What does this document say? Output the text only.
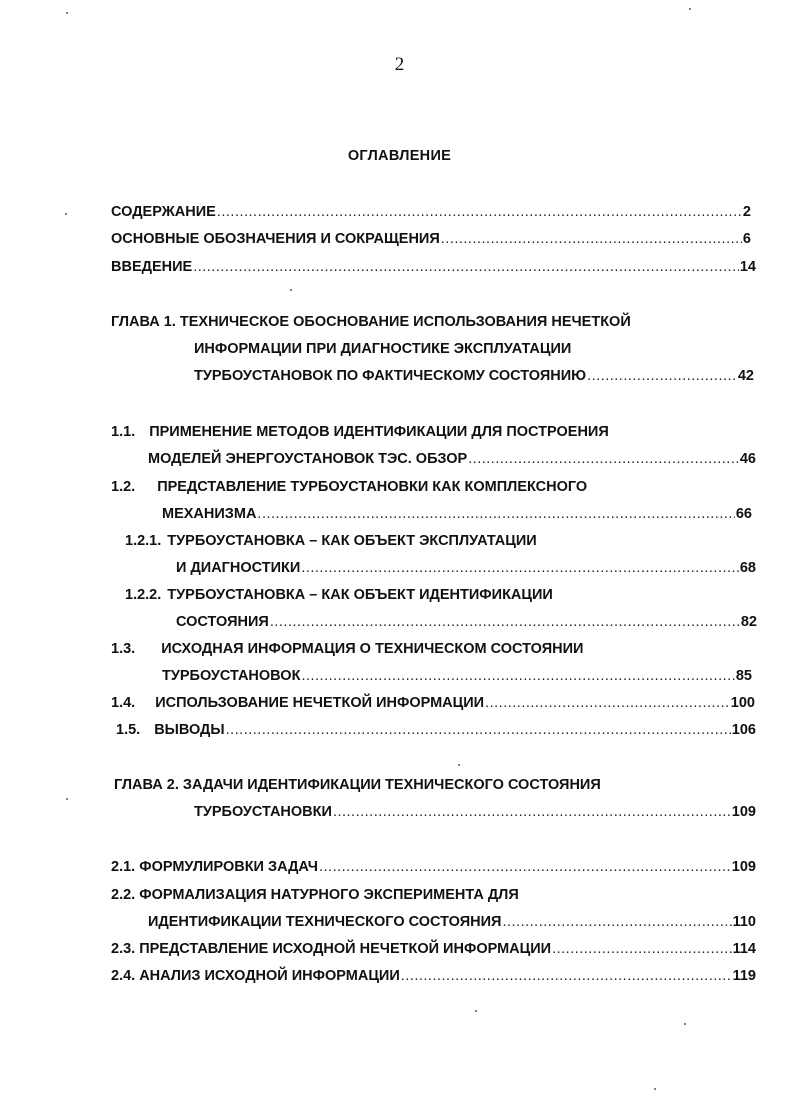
2
ОГЛАВЛЕНИЕ
СОДЕРЖАНИЕ .....	2
ОСНОВНЫЕ ОБОЗНАЧЕНИЯ И СОКРАЩЕНИЯ .....	6
ВВЕДЕНИЕ .....	14
ГЛАВА 1. ТЕХНИЧЕСКОЕ ОБОСНОВАНИЕ ИСПОЛЬЗОВАНИЯ НЕЧЕТКОЙ
ИНФОРМАЦИИ ПРИ ДИАГНОСТИКЕ ЭКСПЛУАТАЦИИ
ТУРБОУСТАНОВОК ПО ФАКТИЧЕСКОМУ СОСТОЯНИЮ .....	42
1.1. ПРИМЕНЕНИЕ МЕТОДОВ ИДЕНТИФИКАЦИИ ДЛЯ ПОСТРОЕНИЯ
МОДЕЛЕЙ ЭНЕРГОУСТАНОВОК ТЭС. ОБЗОР .....	46
1.2. ПРЕДСТАВЛЕНИЕ ТУРБОУСТАНОВКИ КАК КОМПЛЕКСНОГО
МЕХАНИЗМА .....	66
1.2.1. ТУРБОУСТАНОВКА – КАК ОБЪЕКТ ЭКСПЛУАТАЦИИ
И ДИАГНОСТИКИ .....	68
1.2.2. ТУРБОУСТАНОВКА – КАК ОБЪЕКТ ИДЕНТИФИКАЦИИ
СОСТОЯНИЯ .....	82
1.3. ИСХОДНАЯ ИНФОРМАЦИЯ О ТЕХНИЧЕСКОМ СОСТОЯНИИ
ТУРБОУСТАНОВОК .....	85
1.4. ИСПОЛЬЗОВАНИЕ НЕЧЕТКОЙ ИНФОРМАЦИИ .....	100
1.5. ВЫВОДЫ .....	106
ГЛАВА 2. ЗАДАЧИ ИДЕНТИФИКАЦИИ ТЕХНИЧЕСКОГО СОСТОЯНИЯ
ТУРБОУСТАНОВКИ .....	109
2.1. ФОРМУЛИРОВКИ ЗАДАЧ .....	109
2.2. ФОРМАЛИЗАЦИЯ НАТУРНОГО ЭКСПЕРИМЕНТА ДЛЯ
ИДЕНТИФИКАЦИИ ТЕХНИЧЕСКОГО СОСТОЯНИЯ .....	110
2.3. ПРЕДСТАВЛЕНИЕ ИСХОДНОЙ НЕЧЕТКОЙ ИНФОРМАЦИИ .....	114
2.4. АНАЛИЗ ИСХОДНОЙ ИНФОРМАЦИИ .....	119
